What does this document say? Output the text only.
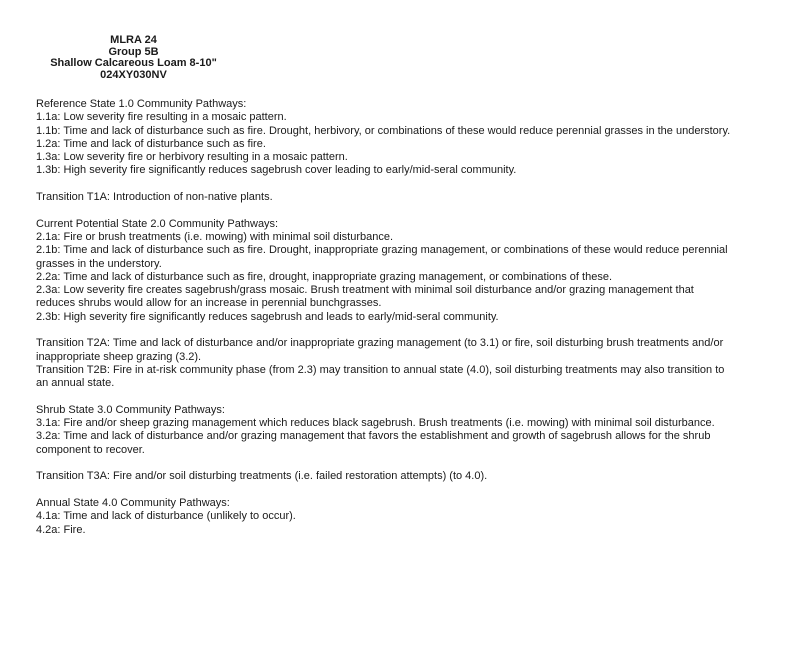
MLRA 24
Group 5B
Shallow Calcareous Loam 8-10"
024XY030NV
Reference State 1.0 Community Pathways:
1.1a: Low severity fire resulting in a mosaic pattern.
1.1b: Time and lack of disturbance such as fire. Drought, herbivory, or combinations of these would reduce perennial grasses in the understory.
1.2a: Time and lack of disturbance such as fire.
1.3a: Low severity fire or herbivory resulting in a mosaic pattern.
1.3b: High severity fire significantly reduces sagebrush cover leading to early/mid-seral community.
Transition T1A: Introduction of non-native plants.
Current Potential State 2.0 Community Pathways:
2.1a: Fire or brush treatments (i.e. mowing) with minimal soil disturbance.
2.1b: Time and lack of disturbance such as fire. Drought, inappropriate grazing management, or combinations of these would reduce perennial grasses in the understory.
2.2a: Time and lack of disturbance such as fire, drought, inappropriate grazing management, or combinations of these.
2.3a: Low severity fire creates sagebrush/grass mosaic. Brush treatment with minimal soil disturbance and/or grazing management that reduces shrubs would allow for an increase in perennial bunchgrasses.
2.3b: High severity fire significantly reduces sagebrush and leads to early/mid-seral community.
Transition T2A: Time and lack of disturbance and/or inappropriate grazing management (to 3.1) or fire, soil disturbing brush treatments and/or inappropriate sheep grazing (3.2).
Transition T2B: Fire in at-risk community phase (from 2.3) may transition to annual state (4.0), soil disturbing treatments may also transition to an annual state.
Shrub State 3.0 Community Pathways:
3.1a: Fire and/or sheep grazing management which reduces black sagebrush. Brush treatments (i.e. mowing) with minimal soil disturbance.
3.2a: Time and lack of disturbance and/or grazing management that favors the establishment and growth of sagebrush allows for the shrub component to recover.
Transition T3A: Fire and/or soil disturbing treatments (i.e. failed restoration attempts) (to 4.0).
Annual State 4.0 Community Pathways:
4.1a: Time and lack of disturbance (unlikely to occur).
4.2a: Fire.
